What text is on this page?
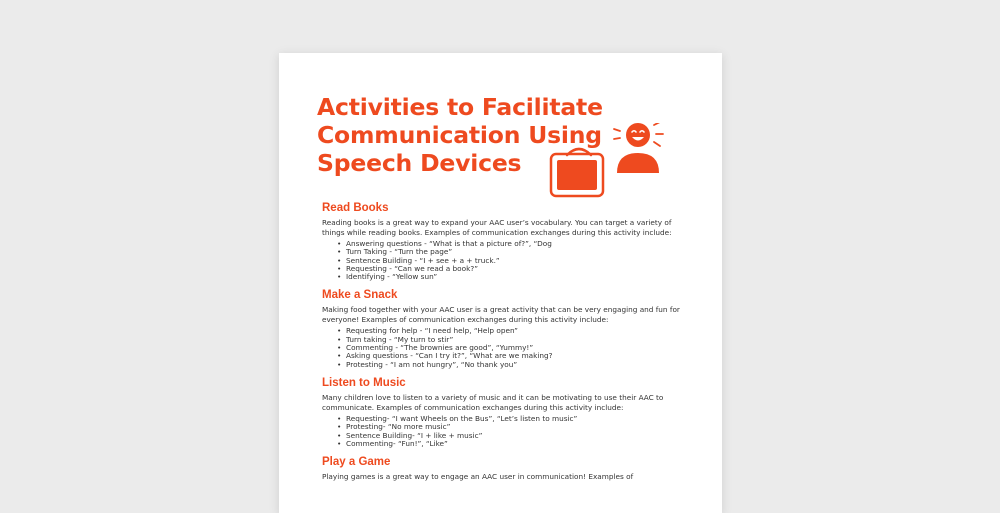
Activities to Facilitate
Communication Using
Speech Devices
Read Books

Reading books is a great way to expand your AAC user’s vocabulary. You can target a variety of things while reading books. Examples of communication exchanges during this activity include:

• Answering questions - “What is that a picture of?”, “Dog
• Turn Taking - “Turn the page”
• Sentence Building - “I + see + a + truck.”
• Requesting - “Can we read a book?”
• Identifying - “Yellow sun”
Make a Snack

Making food together with your AAC user is a great activity that can be very engaging and fun for everyone! Examples of communication exchanges during this activity include:

• Requesting for help - “I need help, “Help open”
• Turn taking - “My turn to stir”
• Commenting - “The brownies are good”, “Yummy!”
• Asking questions - “Can I try it?”, “What are we making?
• Protesting - “I am not hungry”, “No thank you”
Listen to Music

Many children love to listen to a variety of music and it can be motivating to use their AAC to communicate. Examples of communication exchanges during this activity include:

• Requesting- “I want Wheels on the Bus”, “Let’s listen to music”
• Protesting- “No more music”
• Sentence Building- “I + like + music”
• Commenting- “Fun!”, “Like”
Play a Game

Playing games is a great way to engage an AAC user in communication! Examples of
